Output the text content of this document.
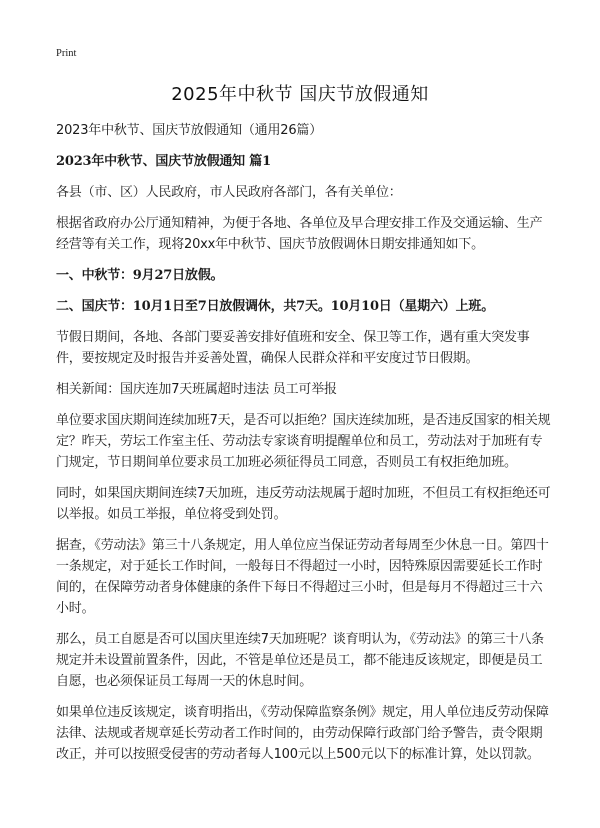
Print
2025年中秋节 国庆节放假通知

2023年中秋节、国庆节放假通知（通用26篇）

2023年中秋节、国庆节放假通知 篇1

各县（市、区）人民政府，市人民政府各部门，各有关单位：

根据省政府办公厅通知精神，为便于各地、各单位及早合理安排工作及交通运输、生产经营等有关工作，现将20xx年中秋节、国庆节放假调休日期安排通知如下。

一、中秋节：9月27日放假。

二、国庆节：10月1日至7日放假调休，共7天。10月10日（星期六）上班。

节假日期间，各地、各部门要妥善安排好值班和安全、保卫等工作，遇有重大突发事件，要按规定及时报告并妥善处置，确保人民群众祥和平安度过节日假期。

相关新闻：国庆连加7天班属超时违法 员工可举报

单位要求国庆期间连续加班7天，是否可以拒绝？国庆连续加班，是否违反国家的相关规定？昨天，劳坛工作室主任、劳动法专家谈育明提醒单位和员工，劳动法对于加班有专门规定，节日期间单位要求员工加班必须征得员工同意，否则员工有权拒绝加班。

同时，如果国庆期间连续7天加班，违反劳动法规属于超时加班，不但员工有权拒绝还可以举报。如员工举报，单位将受到处罚。

据查，《劳动法》第三十八条规定，用人单位应当保证劳动者每周至少休息一日。第四十一条规定，对于延长工作时间，一般每日不得超过一小时，因特殊原因需要延长工作时间的，在保障劳动者身体健康的条件下每日不得超过三小时，但是每月不得超过三十六小时。

那么，员工自愿是否可以国庆里连续7天加班呢？谈育明认为，《劳动法》的第三十八条规定并未设置前置条件，因此，不管是单位还是员工，都不能违反该规定，即便是员工自愿，也必须保证员工每周一天的休息时间。

如果单位违反该规定，谈育明指出，《劳动保障监察条例》规定，用人单位违反劳动保障法律、法规或者规章延长劳动者工作时间的，由劳动保障行政部门给予警告，责令限期改正，并可以按照受侵害的劳动者每人100元以上500元以下的标准计算，处以罚款。
